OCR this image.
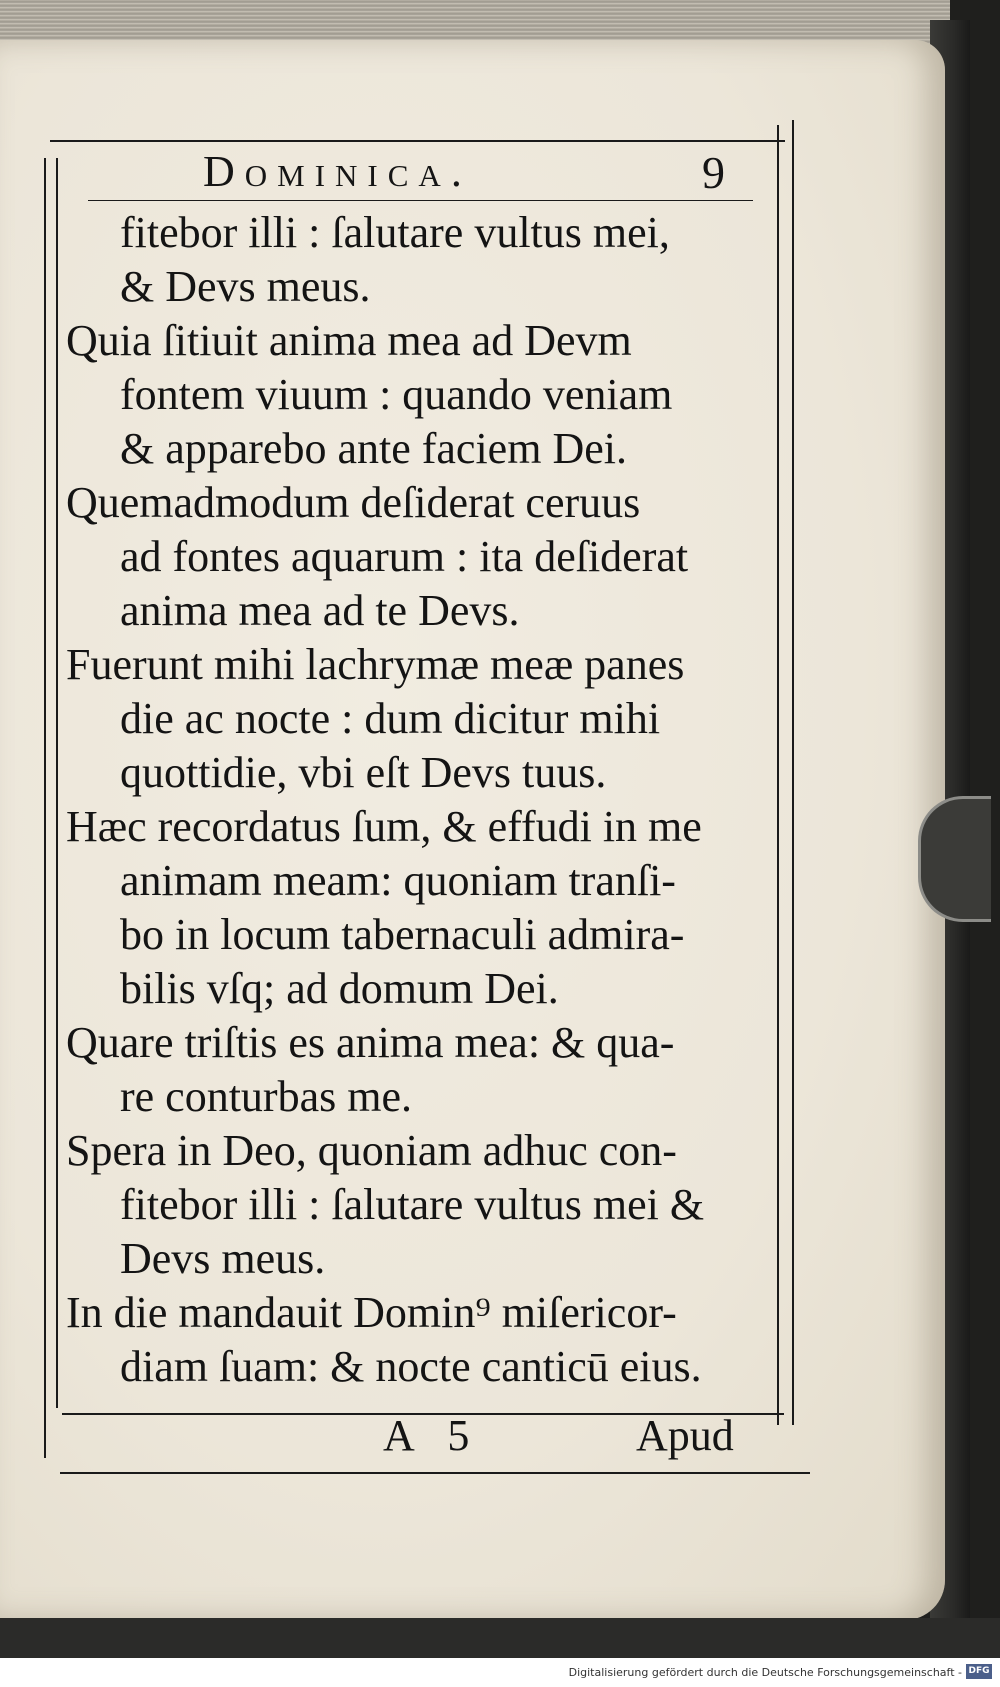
Dominica.	9
fitebor illi : ſalutare vultus mei,
& Devs meus.
Quia ſitiuit anima mea ad Devm
fontem viuum : quando veniam
& apparebo ante faciem Dei.
Quemadmodum deſiderat ceruus
ad fontes aquarum : ita deſiderat
anima mea ad te Devs.
Fuerunt mihi lachrymæ meæ panes
die ac nocte : dum dicitur mihi
quottidie, vbi eſt Devs tuus.
Hæc recordatus ſum, & effudi in me
animam meam: quoniam tranſi-
bo in locum tabernaculi admira-
bilis vſq; ad domum Dei.
Quare triſtis es anima mea: & qua-
re conturbas me.
Spera in Deo, quoniam adhuc con-
fitebor illi : ſalutare vultus mei &
Devs meus.
In die mandauit Domin⁹ miſericor-
diam ſuam: & nocte canticū eius.
A 5	Apud
Digitalisierung gefördert durch die Deutsche Forschungsgemeinschaft - DFG
